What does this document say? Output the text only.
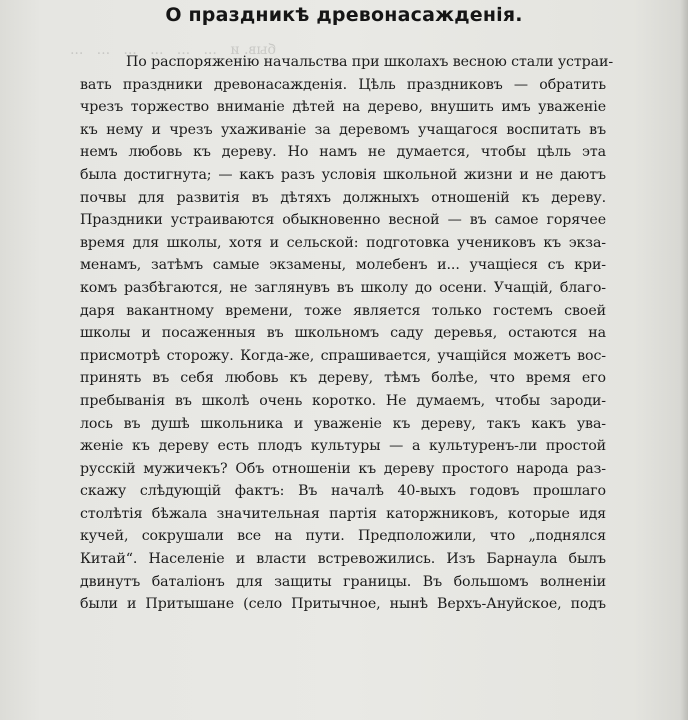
быв. и   ...   ...   ...   ...   ...   ...

О праздникѣ древонасажденія.
По распоряженію начальства при школахъ весною стали устраи-
вать праздники древонасажденія. Цѣль праздниковъ — обратить
чрезъ торжество вниманіе дѣтей на дерево, внушить имъ уваженіе
къ нему и чрезъ ухаживаніе за деревомъ учащагося воспитать въ
немъ любовь къ дереву. Но намъ не думается, чтобы цѣль эта
была достигнута; — какъ разъ условія школьной жизни и не даютъ
почвы для развитія въ дѣтяхъ должныхъ отношеній къ дереву.
Праздники устраиваются обыкновенно весной — въ самое горячее
время для школы, хотя и сельской: подготовка учениковъ къ экза-
менамъ, затѣмъ самые экзамены, молебенъ и... учащіеся съ кри-
комъ разбѣгаются, не заглянувъ въ школу до осени. Учащій, благо-
даря вакантному времени, тоже является только гостемъ своей
школы и посаженныя въ школьномъ саду деревья, остаются на
присмотрѣ сторожу. Когда-же, спрашивается, учащійся можетъ вос-
принять въ себя любовь къ дереву, тѣмъ болѣе, что время его
пребыванія въ школѣ очень коротко. Не думаемъ, чтобы зароди-
лось въ душѣ школьника и уваженіе къ дереву, такъ какъ ува-
женіе къ дереву есть плодъ культуры — а культуренъ-ли простой
русскій мужичекъ? Объ отношеніи къ дереву простого народа раз-
скажу слѣдующій фактъ: Въ началѣ 40-выхъ годовъ прошлаго
столѣтія бѣжала значительная партія каторжниковъ, которые идя
кучей, сокрушали все на пути. Предположили, что „поднялся
Китай“. Населеніе и власти встревожились. Изъ Барнаула былъ
двинутъ баталіонъ для защиты границы. Въ большомъ волненіи
были и Притышане (село Притычное, нынѣ Верхъ-Ануйское, подъ
